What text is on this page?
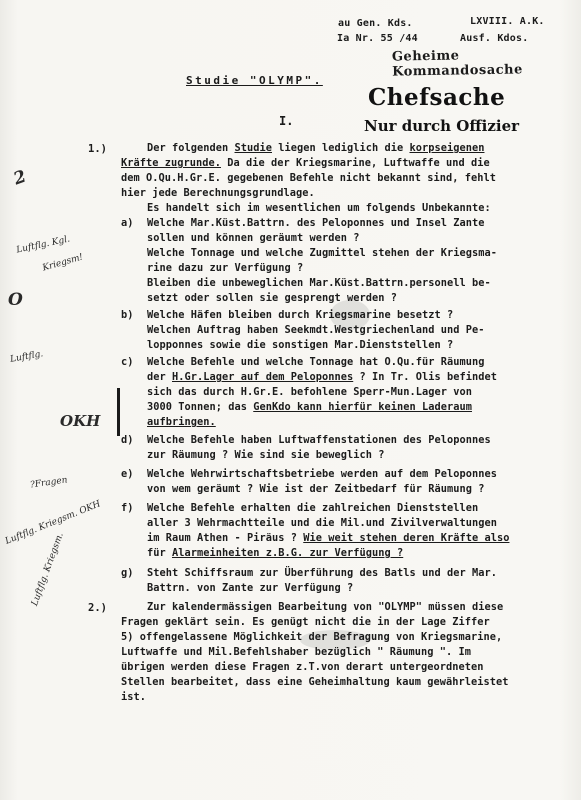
au Gen. Kds.	LXVIII. A.K.
Ia Nr. 55 /44	Ausf. Kdos.
Geheime Kommandosache
Chefsache
Nur durch Offizier
Studie "OLYMP".
I.
1.)	Der folgenden Studie liegen lediglich die korpseigenen
Kräfte zugrunde. Da die der Kriegsmarine, Luftwaffe und die
dem O.Qu.H.Gr.E. gegebenen Befehle nicht bekannt sind, fehlt
hier jede Berechnungsgrundlage.
Es handelt sich im wesentlichen um folgends Unbekannte:
a) Welche Mar.Küst.Battrn. des Peloponnes und Insel Zante
sollen und können geräumt werden ?
Welche Tonnage und welche Zugmittel stehen der Kriegsma-
rine dazu zur Verfügung ?
Bleiben die unbeweglichen Mar.Küst.Battrn.personell be-
setzt oder sollen sie gesprengt werden ?
b) Welche Häfen bleiben durch Kriegsmarine besetzt ?
Welchen Auftrag haben Seekmdt.Westgriechenland und Pe-
lopponnes sowie die sonstigen Mar.Dienststellen ?
c) Welche Befehle und welche Tonnage hat O.Qu.für Räumung
der H.Gr.Lager auf dem Peloponnes ? In Tr. Olis befindet
sich das durch H.Gr.E. befohlene Sperr-Mun.Lager von
3000 Tonnen; das GenKdo kann hierfür keinen Laderaum
aufbringen.
d) Welche Befehle haben Luftwaffenstationen des Peloponnes
zur Räumung ? Wie sind sie beweglich ?
e) Welche Wehrwirtschaftsbetriebe werden auf dem Peloponnes
von wem geräumt ? Wie ist der Zeitbedarf für Räumung ?
f) Welche Befehle erhalten die zahlreichen Dienststellen
aller 3 Wehrmachtteile und die Mil.und Zivilverwaltungen
im Raum Athen - Piräus ? Wie weit stehen deren Kräfte also
für Alarmeinheiten z.B.G. zur Verfügung ?
g) Steht Schiffsraum zur Überführung des Batls und der Mar.
Battrn. von Zante zur Verfügung ?
2.)	Zur kalendermässigen Bearbeitung von "OLYMP" müssen diese
Fragen geklärt sein. Es genügt nicht die in der Lage Ziffer
5) offengelassene Möglichkeit der Befragung von Kriegsmarine,
Luftwaffe und Mil.Befehlshaber bezüglich " Räumung ". Im
übrigen werden diese Fragen z.T.von derart untergeordneten
Stellen bearbeitet, dass eine Geheimhaltung kaum gewährleistet
ist.
2
Luftflg. Kgl.
Kriegsm!
O
Luftflg.
OKH
?Fragen
Luftflg. Kriegsm. OKH
Luftflg. Kriegsm.
